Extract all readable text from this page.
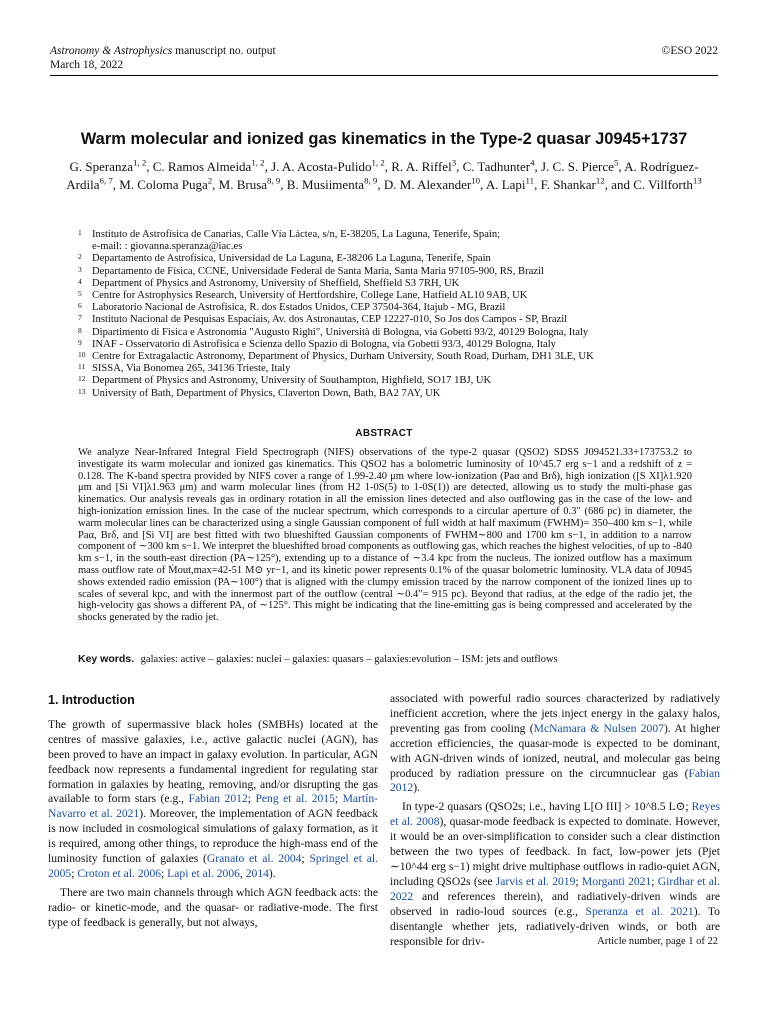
Astronomy & Astrophysics manuscript no. output
March 18, 2022
©ESO 2022
Warm molecular and ionized gas kinematics in the Type-2 quasar J0945+1737
G. Speranza$^{1, 2}$, C. Ramos Almeida$^{1, 2}$, J. A. Acosta-Pulido$^{1, 2}$, R. A. Riffel$^3$, C. Tadhunter$^4$, J. C. S. Pierce$^5$, A. Rodríguez-Ardila$^{6, 7}$, M. Coloma Puga$^2$, M. Brusa$^{8, 9}$, B. Musiimenta$^{8, 9}$, D. M. Alexander$^{10}$, A. Lapi$^{11}$, F. Shankar$^{12}$, and C. Villforth$^{13}$
1 Instituto de Astrofísica de Canarias, Calle Vía Láctea, s/n, E-38205, La Laguna, Tenerife, Spain;
e-mail: : giovanna.speranza@iac.es
2 Departamento de Astrofísica, Universidad de La Laguna, E-38206 La Laguna, Tenerife, Spain
3 Departamento de Física, CCNE, Universidade Federal de Santa Maria, Santa Maria 97105-900, RS, Brazil
4 Department of Physics and Astronomy, University of Sheffield, Sheffield S3 7RH, UK
5 Centre for Astrophysics Research, University of Hertfordshire, College Lane, Hatfield AL10 9AB, UK
6 Laboratorio Nacional de Astrofisica, R. dos Estados Unidos, CEP 37504-364, Itajub - MG, Brazil
7 Instituto Nacional de Pesquisas Espaciais, Av. dos Astronautas, CEP 12227-010, So Jos dos Campos - SP, Brazil
8 Dipartimento di Fisica e Astronomia "Augusto Righi", Università di Bologna, via Gobetti 93/2, 40129 Bologna, Italy
9 INAF - Osservatorio di Astrofisica e Scienza dello Spazio di Bologna, via Gobetti 93/3, 40129 Bologna, Italy
10 Centre for Extragalactic Astronomy, Department of Physics, Durham University, South Road, Durham, DH1 3LE, UK
11 SISSA, Via Bonomea 265, 34136 Trieste, Italy
12 Department of Physics and Astronomy, University of Southampton, Highfield, SO17 1BJ, UK
13 University of Bath, Department of Physics, Claverton Down, Bath, BA2 7AY, UK
ABSTRACT

We analyze Near-Infrared Integral Field Spectrograph (NIFS) observations of the type-2 quasar (QSO2) SDSS J094521.33+173753.2 to investigate its warm molecular and ionized gas kinematics. This QSO2 has a bolometric luminosity of 10^45.7 erg s−1 and a redshift of z = 0.128. The K-band spectra provided by NIFS cover a range of 1.99-2.40 μm where low-ionization (Paα and Brδ), high ionization ([S XI]λ1.920 μm and [Si VI]λ1.963 μm) and warm molecular lines (from H2 1-0S(5) to 1-0S(1)) are detected, allowing us to study the multi-phase gas kinematics. Our analysis reveals gas in ordinary rotation in all the emission lines detected and also outflowing gas in the case of the low- and high-ionization emission lines. In the case of the nuclear spectrum, which corresponds to a circular aperture of 0.3″ (686 pc) in diameter, the warm molecular lines can be characterized using a single Gaussian component of full width at half maximum (FWHM)= 350–400 km s−1, while Paα, Brδ, and [Si VI] are best fitted with two blueshifted Gaussian components of FWHM∼800 and 1700 km s−1, in addition to a narrow component of ∼300 km s−1. We interpret the blueshifted broad components as outflowing gas, which reaches the highest velocities, of up to -840 km s−1, in the south-east direction (PA∼125°), extending up to a distance of ∼3.4 kpc from the nucleus. The ionized outflow has a maximum mass outflow rate of Ṁout,max=42-51 M⊙ yr−1, and its kinetic power represents 0.1% of the quasar bolometric luminosity. VLA data of J0945 shows extended radio emission (PA∼100°) that is aligned with the clumpy emission traced by the narrow component of the ionized lines up to scales of several kpc, and with the innermost part of the outflow (central ∼0.4″= 915 pc). Beyond that radius, at the edge of the radio jet, the high-velocity gas shows a different PA, of ∼125°. This might be indicating that the line-emitting gas is being compressed and accelerated by the shocks generated by the radio jet.

Key words. galaxies: active – galaxies: nuclei – galaxies: quasars – galaxies:evolution – ISM: jets and outflows
1. Introduction

The growth of supermassive black holes (SMBHs) located at the centres of massive galaxies, i.e., active galactic nuclei (AGN), has been proved to have an impact in galaxy evolution. In particular, AGN feedback now represents a fundamental ingredient for regulating star formation in galaxies by heating, removing, and/or disrupting the gas available to form stars (e.g., Fabian 2012; Peng et al. 2015; Martín-Navarro et al. 2021). Moreover, the implementation of AGN feedback is now included in cosmological simulations of galaxy formation, as it is required, among other things, to reproduce the high-mass end of the luminosity function of galaxies (Granato et al. 2004; Springel et al. 2005; Croton et al. 2006; Lapi et al. 2006, 2014).

There are two main channels through which AGN feedback acts: the radio- or kinetic-mode, and the quasar- or radiative-mode. The first type of feedback is generally, but not always,

associated with powerful radio sources characterized by radiatively inefficient accretion, where the jets inject energy in the galaxy halos, preventing gas from cooling (McNamara & Nulsen 2007). At higher accretion efficiencies, the quasar-mode is expected to be dominant, with AGN-driven winds of ionized, neutral, and molecular gas being produced by radiation pressure on the circumnuclear gas (Fabian 2012).

In type-2 quasars (QSO2s; i.e., having L[O III] > 10^8.5 L⊙; Reyes et al. 2008), quasar-mode feedback is expected to dominate. However, it would be an over-simplification to consider such a clear distinction between the two types of feedback. In fact, low-power jets (Pjet ∼10^44 erg s−1) might drive multiphase outflows in radio-quiet AGN, including QSO2s (see Jarvis et al. 2019; Morganti 2021; Girdhar et al. 2022 and references therein), and radiatively-driven winds are observed in radio-loud sources (e.g., Speranza et al. 2021). To disentangle whether jets, radiatively-driven winds, or both are responsible for driv-	Article number, page 1 of 22
